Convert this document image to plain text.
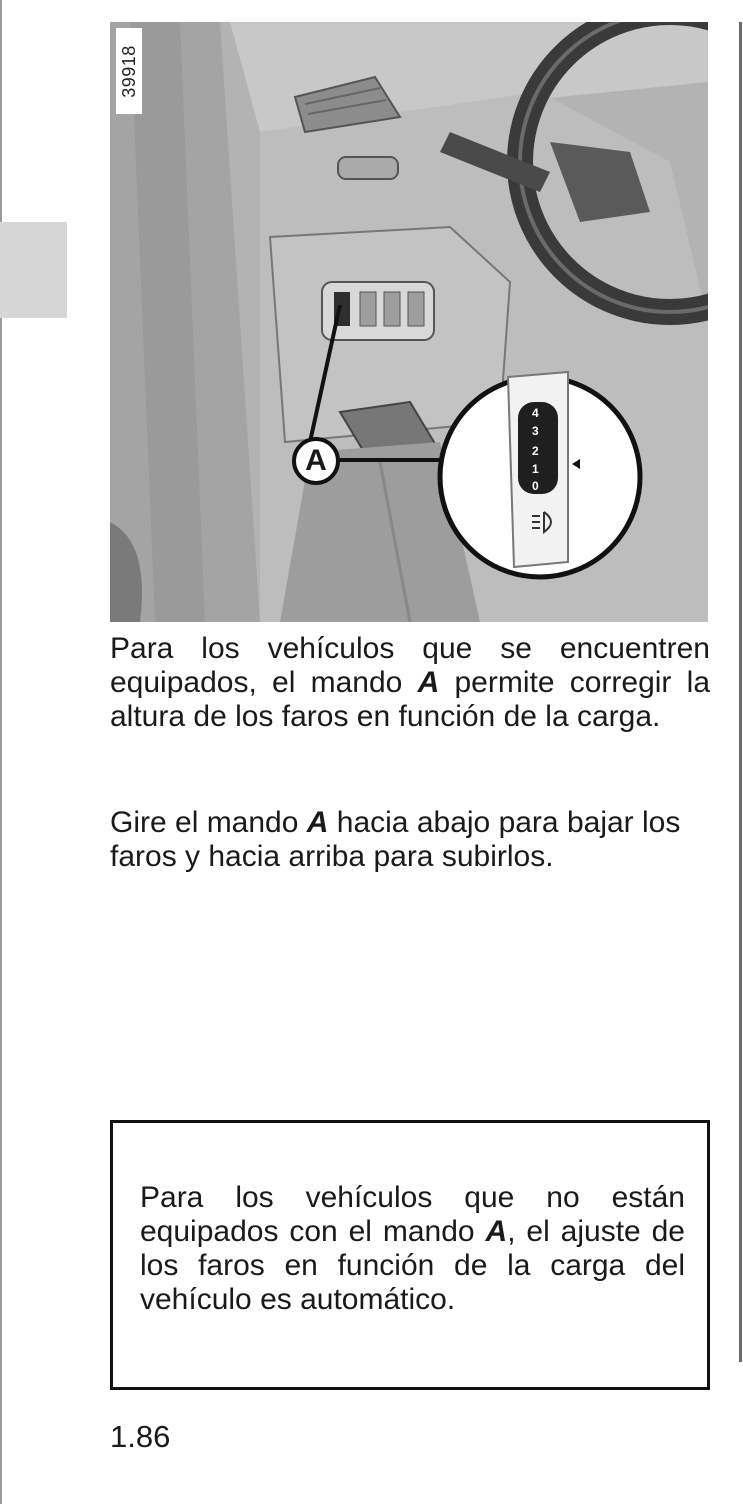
4
3
2
1
0
39918
A

Para los vehículos que se encuentren equipados, el mando A permite corregir la altura de los faros en función de la carga.

Gire el mando A hacia abajo para bajar los faros y hacia arriba para subirlos.

Para los vehículos que no están equipados con el mando A, el ajuste de los faros en función de la carga del vehículo es automático.

1.86
